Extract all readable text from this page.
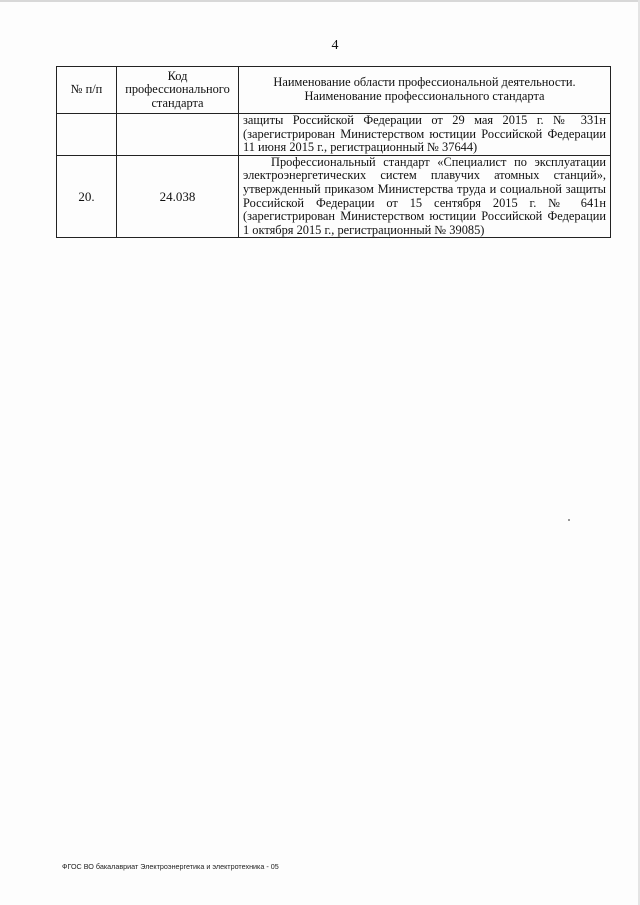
4
№ п/п	Код профессионального стандарта	Наименование области профессиональной деятельности.
Наименование профессионального стандарта

		защиты Российской Федерации от 29 мая 2015 г. № 331н (зарегистрирован Министерством юстиции Российской Федерации 11 июня 2015 г., регистрационный № 37644)
20.	24.038	Профессиональный стандарт «Специалист по эксплуатации электроэнергетических систем плавучих атомных станций», утвержденный приказом Министерства труда и социальной защиты Российской Федерации от 15 сентября 2015 г. № 641н (зарегистрирован Министерством юстиции Российской Федерации 1 октября 2015 г., регистрационный № 39085)
ФГОС ВО бакалавриат Электроэнергетика и электротехника - 05
